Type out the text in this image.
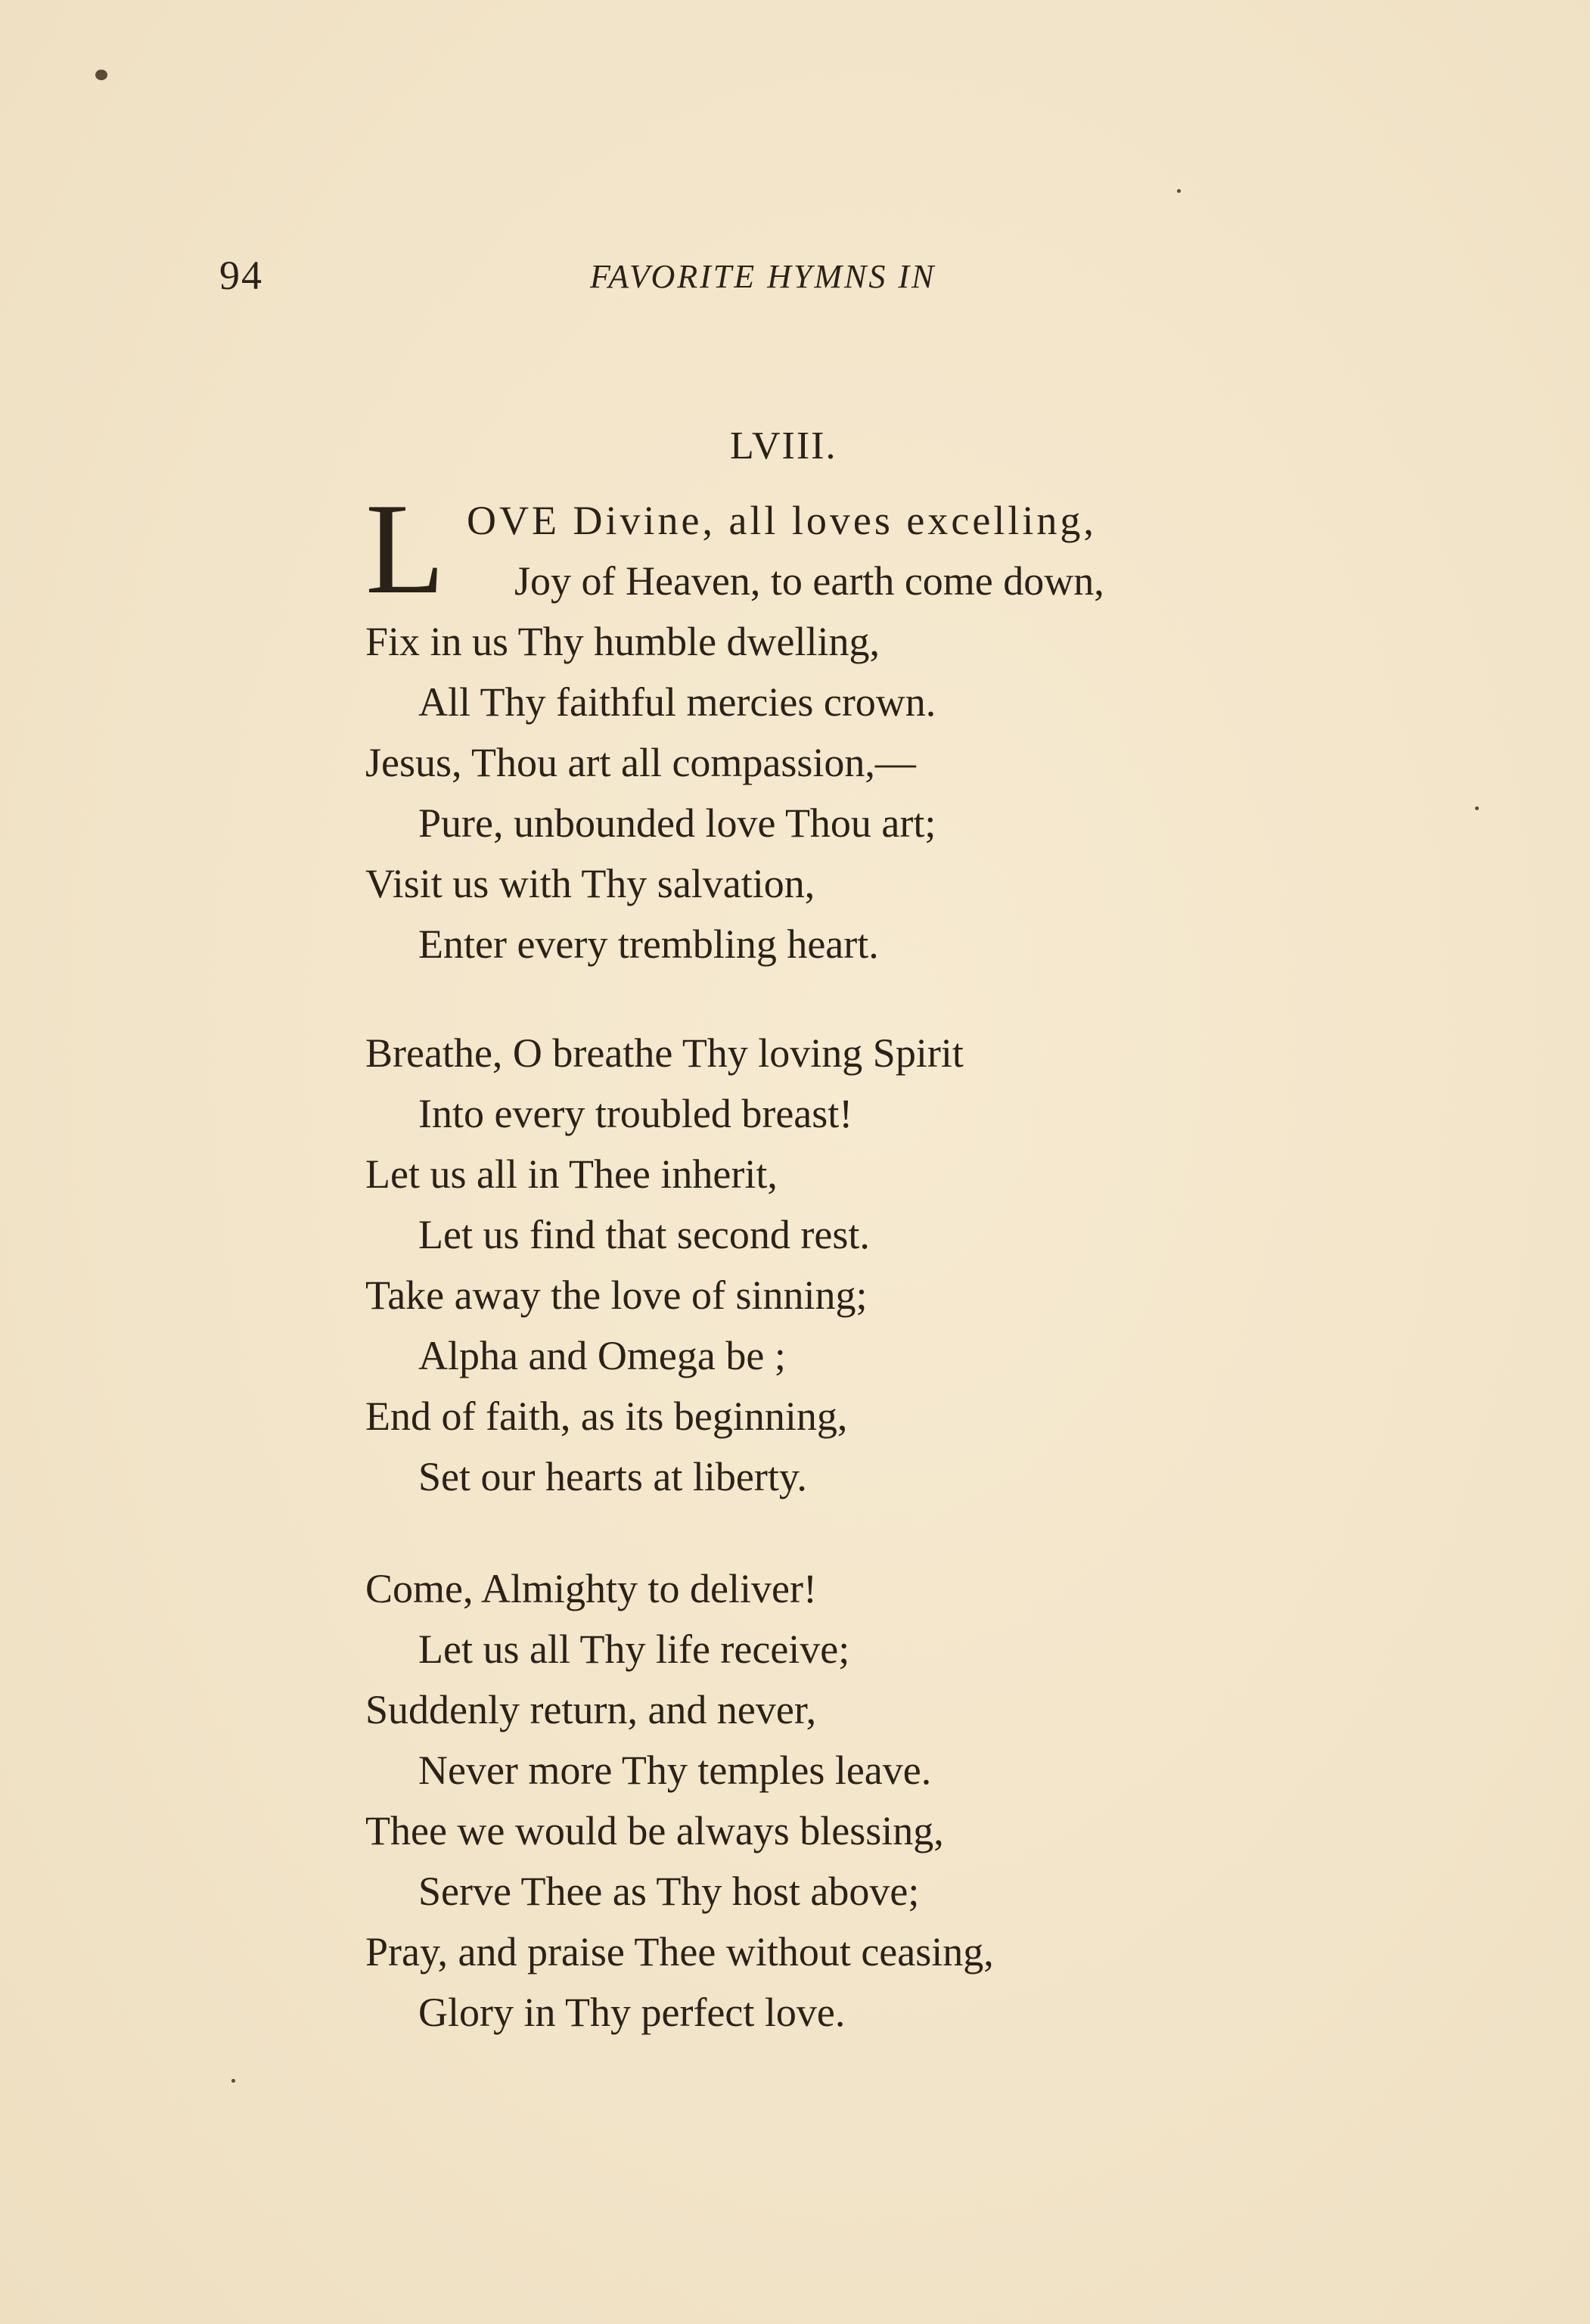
94	FAVORITE HYMNS IN
LVIII.
L OVE Divine, all loves excelling,
Joy of Heaven, to earth come down,
Fix in us Thy humble dwelling,
All Thy faithful mercies crown.
Jesus, Thou art all compassion,—
Pure, unbounded love Thou art;
Visit us with Thy salvation,
Enter every trembling heart.
Breathe, O breathe Thy loving Spirit
Into every troubled breast!
Let us all in Thee inherit,
Let us find that second rest.
Take away the love of sinning;
Alpha and Omega be ;
End of faith, as its beginning,
Set our hearts at liberty.
Come, Almighty to deliver!
Let us all Thy life receive;
Suddenly return, and never,
Never more Thy temples leave.
Thee we would be always blessing,
Serve Thee as Thy host above;
Pray, and praise Thee without ceasing,
Glory in Thy perfect love.
